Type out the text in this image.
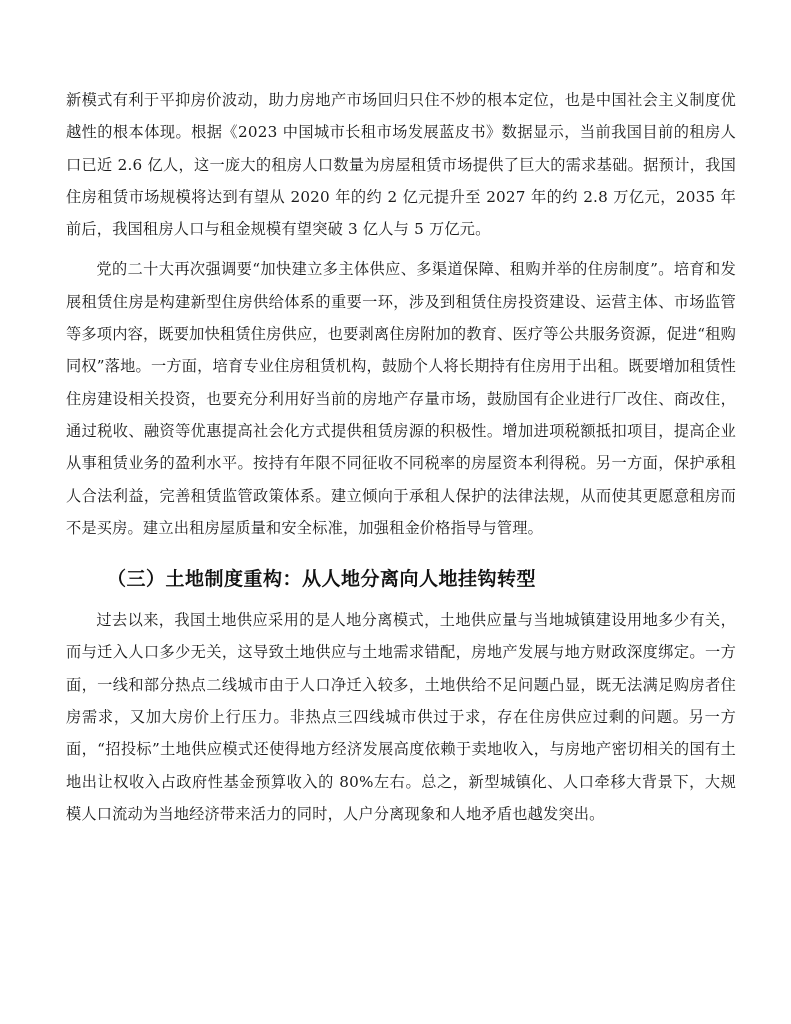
新模式有利于平抑房价波动，助力房地产市场回归只住不炒的根本定位，也是中国社会主义制度优越性的根本体现。根据《2023 中国城市长租市场发展蓝皮书》数据显示，当前我国目前的租房人口已近 2.6 亿人，这一庞大的租房人口数量为房屋租赁市场提供了巨大的需求基础。据预计，我国住房租赁市场规模将达到有望从 2020 年的约 2 亿元提升至 2027 年的约 2.8 万亿元，2035 年前后，我国租房人口与租金规模有望突破 3 亿人与 5 万亿元。

党的二十大再次强调要“加快建立多主体供应、多渠道保障、租购并举的住房制度”。培育和发展租赁住房是构建新型住房供给体系的重要一环，涉及到租赁住房投资建设、运营主体、市场监管等多项内容，既要加快租赁住房供应，也要剥离住房附加的教育、医疗等公共服务资源，促进“租购同权”落地。一方面，培育专业住房租赁机构，鼓励个人将长期持有住房用于出租。既要增加租赁性住房建设相关投资，也要充分利用好当前的房地产存量市场，鼓励国有企业进行厂改住、商改住，通过税收、融资等优惠提高社会化方式提供租赁房源的积极性。增加进项税额抵扣项目，提高企业从事租赁业务的盈利水平。按持有年限不同征收不同税率的房屋资本利得税。另一方面，保护承租人合法利益，完善租赁监管政策体系。建立倾向于承租人保护的法律法规，从而使其更愿意租房而不是买房。建立出租房屋质量和安全标准，加强租金价格指导与管理。

（三）土地制度重构：从人地分离向人地挂钩转型

过去以来，我国土地供应采用的是人地分离模式，土地供应量与当地城镇建设用地多少有关，而与迁入人口多少无关，这导致土地供应与土地需求错配，房地产发展与地方财政深度绑定。一方面，一线和部分热点二线城市由于人口净迁入较多，土地供给不足问题凸显，既无法满足购房者住房需求，又加大房价上行压力。非热点三四线城市供过于求，存在住房供应过剩的问题。另一方面，“招投标”土地供应模式还使得地方经济发展高度依赖于卖地收入，与房地产密切相关的国有土地出让权收入占政府性基金预算收入的 80%左右。总之，新型城镇化、人口牵移大背景下，大规模人口流动为当地经济带来活力的同时，人户分离现象和人地矛盾也越发突出。
